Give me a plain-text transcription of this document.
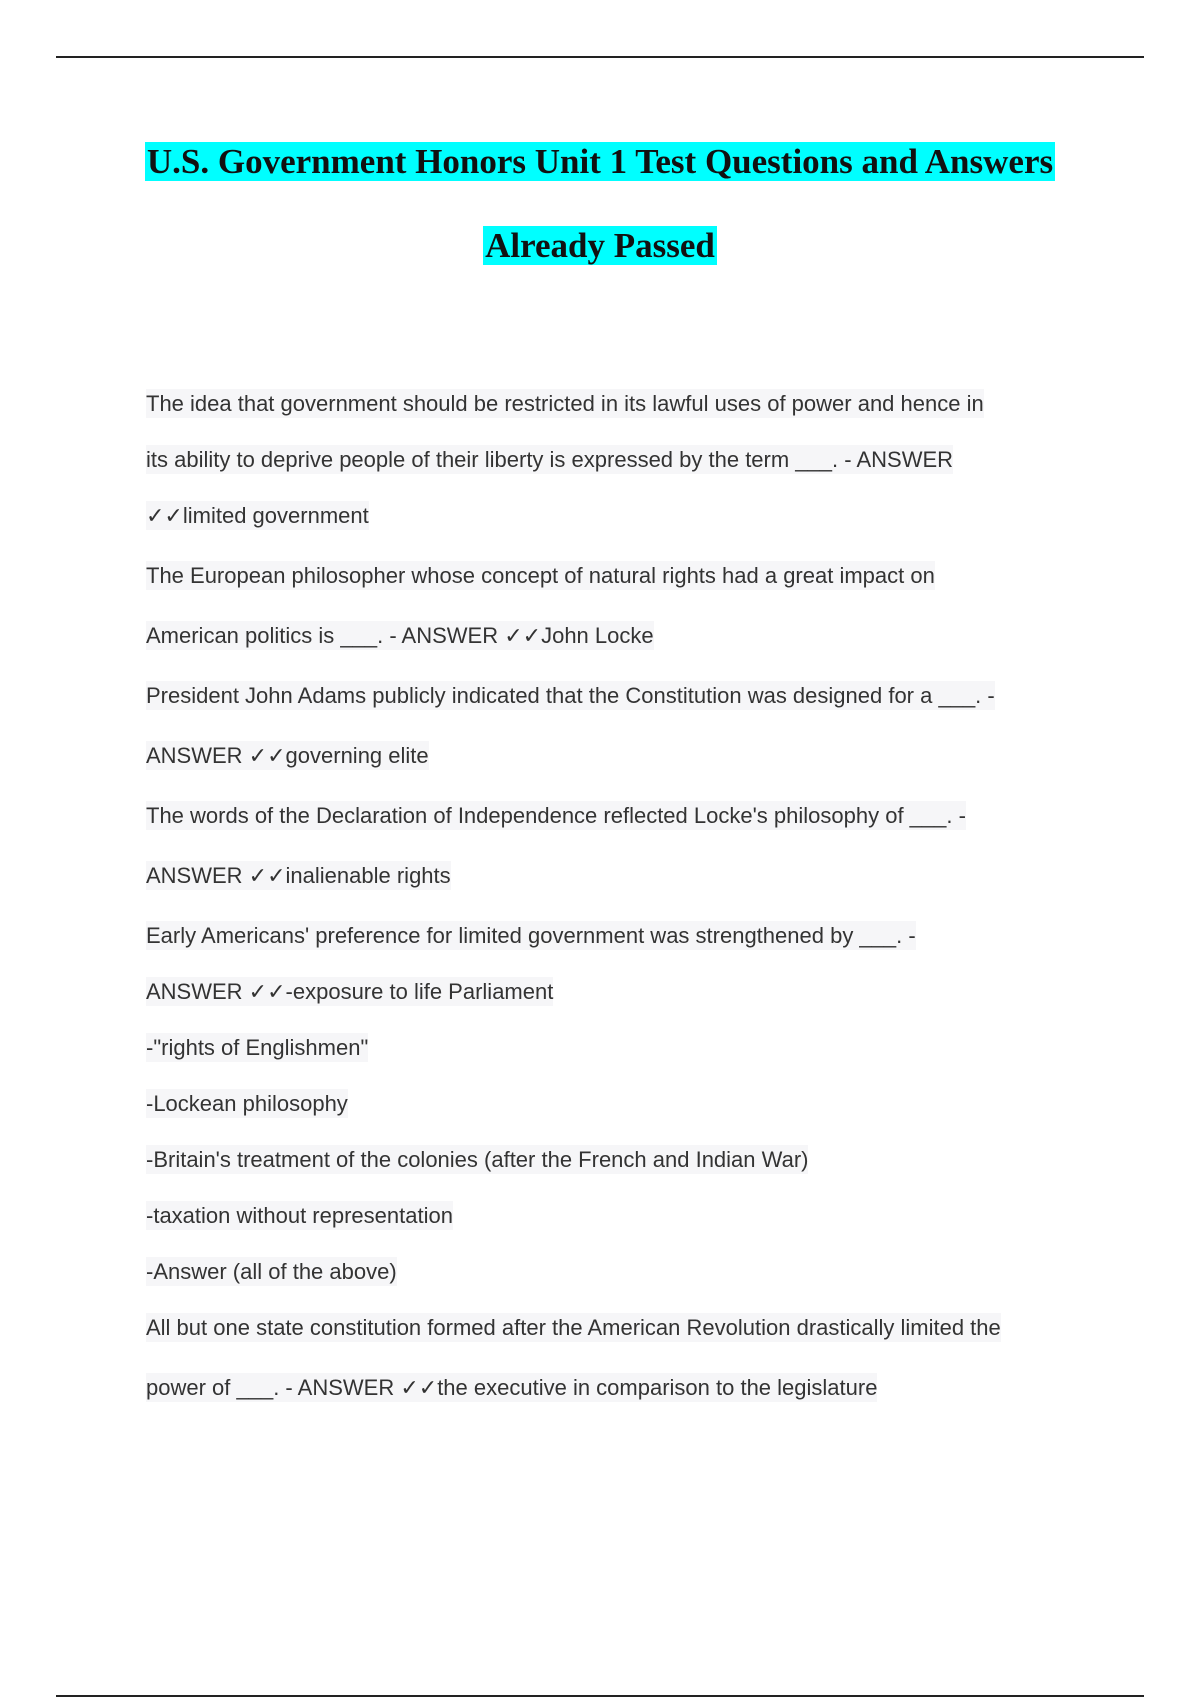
U.S. Government Honors Unit 1 Test Questions and Answers
Already Passed
The idea that government should be restricted in its lawful uses of power and hence in
its ability to deprive people of their liberty is expressed by the term ___. - ANSWER
✓✓limited government
The European philosopher whose concept of natural rights had a great impact on
American politics is ___. - ANSWER ✓✓John Locke
President John Adams publicly indicated that the Constitution was designed for a ___. -
ANSWER ✓✓governing elite
The words of the Declaration of Independence reflected Locke's philosophy of ___. -
ANSWER ✓✓inalienable rights
Early Americans' preference for limited government was strengthened by ___. -
ANSWER ✓✓-exposure to life Parliament
-"rights of Englishmen"
-Lockean philosophy
-Britain's treatment of the colonies (after the French and Indian War)
-taxation without representation
-Answer (all of the above)
All but one state constitution formed after the American Revolution drastically limited the
power of ___. - ANSWER ✓✓the executive in comparison to the legislature
